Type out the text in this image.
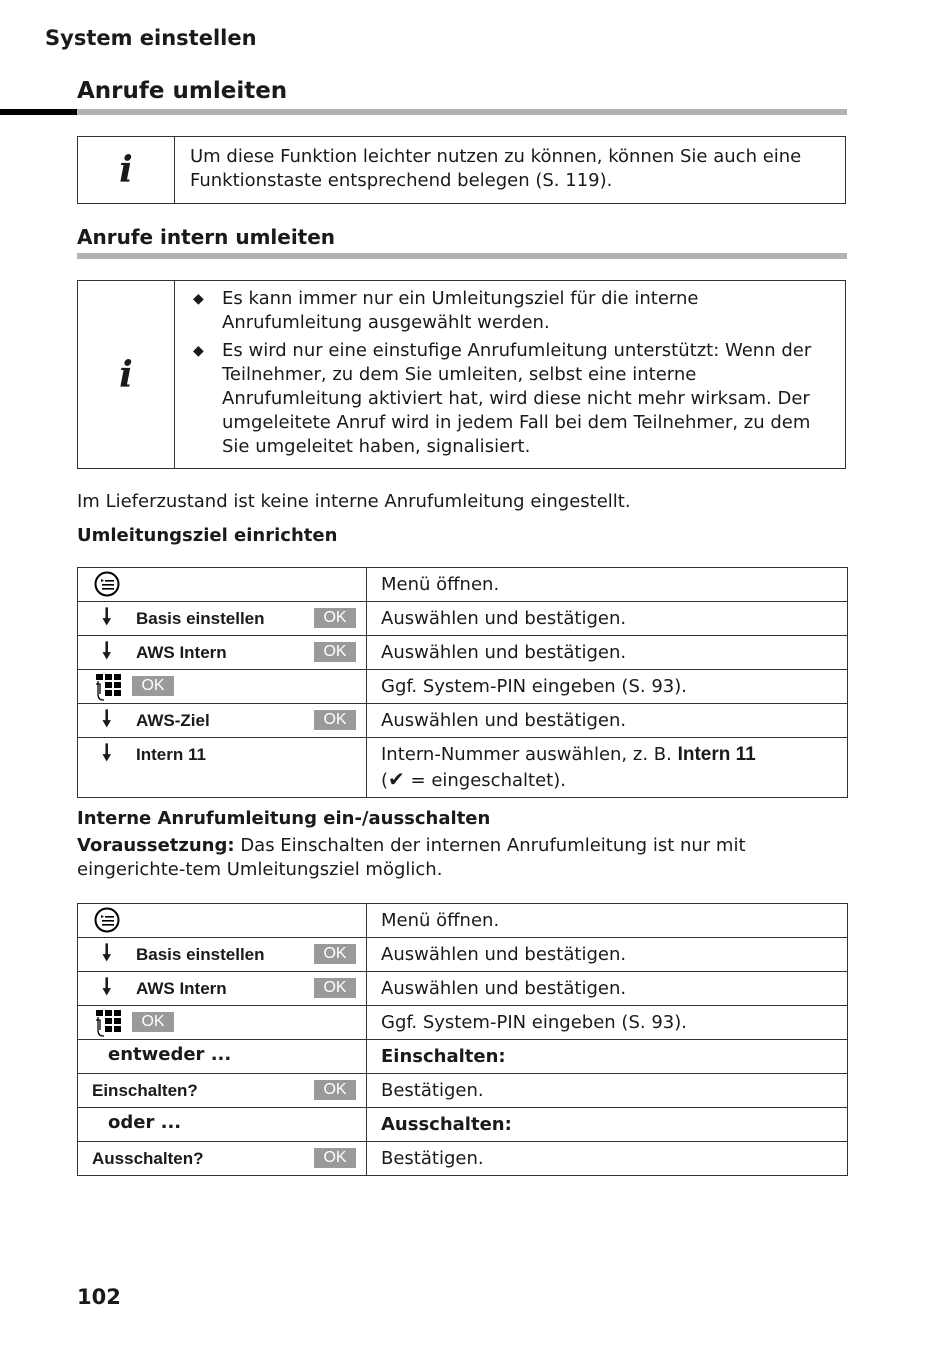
System einstellen
Anrufe umleiten
i	Um diese Funktion leichter nutzen zu können, können Sie auch eine Funktionstaste entsprechend belegen (S. 119).
Anrufe intern umleiten
i
◆ Es kann immer nur ein Umleitungsziel für die interne Anrufumleitung ausgewählt werden.
◆ Es wird nur eine einstufige Anrufumleitung unterstützt: Wenn der Teilnehmer, zu dem Sie umleiten, selbst eine interne Anrufumleitung aktiviert hat, wird diese nicht mehr wirksam. Der umgeleitete Anruf wird in jedem Fall bei dem Teilnehmer, zu dem Sie umgeleitet haben, signalisiert.
Im Lieferzustand ist keine interne Anrufumleitung eingestellt.
Umleitungsziel einrichten
	Menü öffnen.

🠗 Basis einstellen OK	Auswählen und bestätigen.

🠗 AWS Intern OK	Auswählen und bestätigen.

OK	Ggf. System-PIN eingeben (S. 93).

🠗 AWS-Ziel OK	Auswählen und bestätigen.

🠗 Intern 11	Intern-Nummer auswählen, z. B. Intern 11
(✔ = eingeschaltet).
Interne Anrufumleitung ein-/ausschalten
Voraussetzung: Das Einschalten der internen Anrufumleitung ist nur mit eingerichte-tem Umleitungsziel möglich.
	Menü öffnen.

🠗 Basis einstellen OK	Auswählen und bestätigen.

🠗 AWS Intern OK	Auswählen und bestätigen.

OK	Ggf. System-PIN eingeben (S. 93).

entweder ...	Einschalten:

Einschalten? OK	Bestätigen.

oder ...	Ausschalten:

Ausschalten? OK	Bestätigen.
102
